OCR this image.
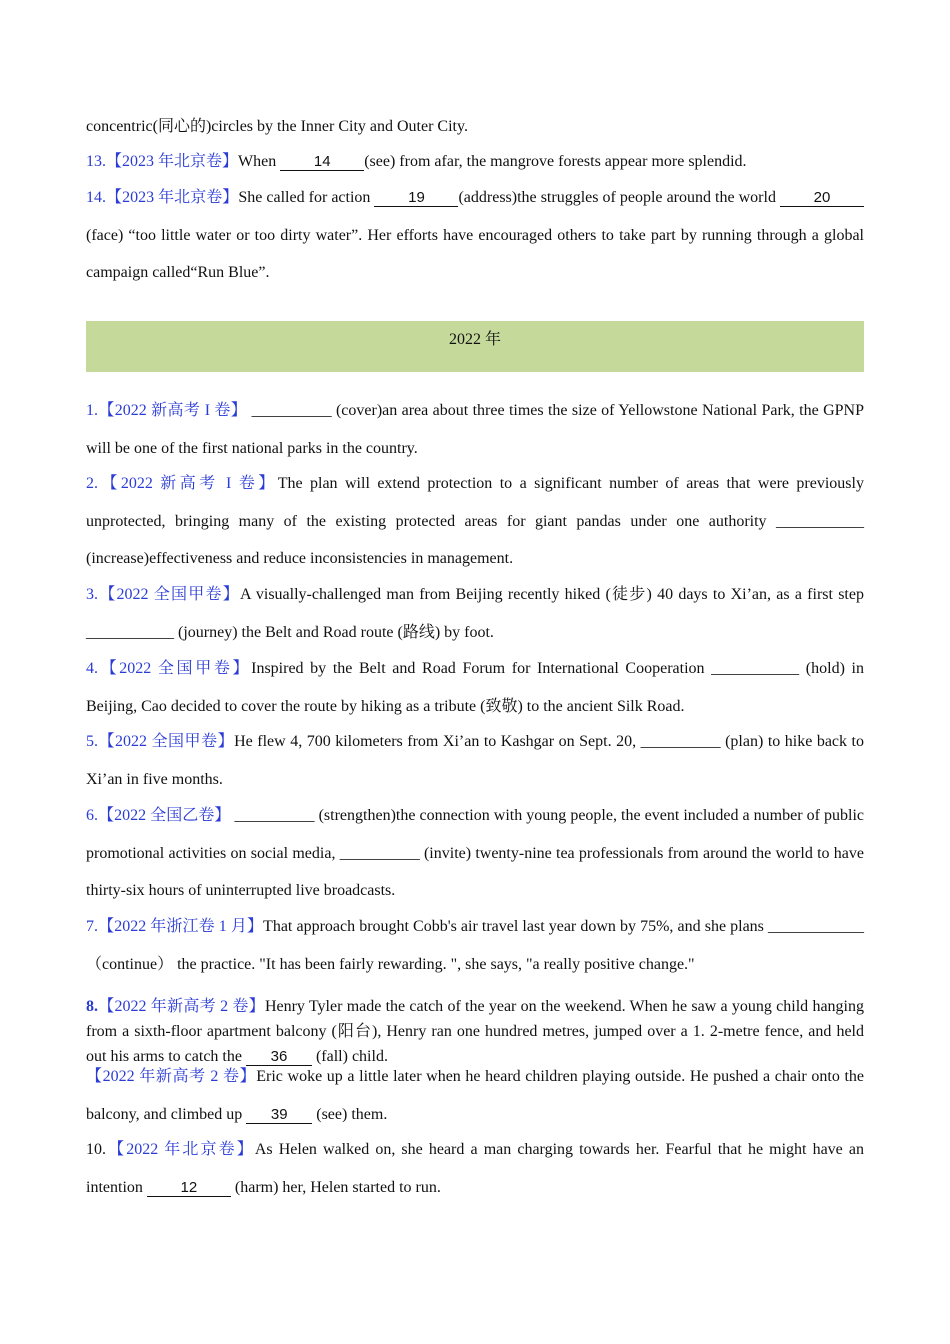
2022 年

concentric(同心的)circles by the Inner City and Outer City.

13.【2023 年北京卷】When 14 (see) from afar, the mangrove forests appear more splendid.

14.【2023 年北京卷】She called for action 19 (address)the struggles of people around the world 20(face) “too little water or too dirty water”. Her efforts have encouraged others to take part by running through a global campaign called“Run Blue”.

1.【2022 新高考 I 卷】 __________ (cover)an area about three times the size of Yellowstone National Park, the GPNP will be one of the first national parks in the country.

2.【2022 新高考 I 卷】The plan will extend protection to a significant number of areas that were previously unprotected, bringing many of the existing protected areas for giant pandas under one authority ___________ (increase)effectiveness and reduce inconsistencies in management.

3.【2022 全国甲卷】A visually-challenged man from Beijing recently hiked (徒步) 40 days to Xi’an, as a first step ___________ (journey) the Belt and Road route (路线) by foot.

4.【2022 全国甲卷】Inspired by the Belt and Road Forum for International Cooperation ___________ (hold) in Beijing, Cao decided to cover the route by hiking as a tribute (致敬) to the ancient Silk Road.

5.【2022 全国甲卷】He flew 4, 700 kilometers from Xi’an to Kashgar on Sept. 20, __________ (plan) to hike back to Xi’an in five months.

6.【2022 全国乙卷】 __________ (strengthen)the connection with young people, the event included a number of public promotional activities on social media, __________ (invite) twenty-nine tea professionals from around the world to have thirty-six hours of uninterrupted live broadcasts.

7.【2022 年浙江卷 1 月】That approach brought Cobb's air travel last year down by 75%, and she plans ____________（continue） the practice. "It has been fairly rewarding. ", she says, "a really positive change."

8.【2022 年新高考 2 卷】Henry Tyler made the catch of the year on the weekend. When he saw a young child hanging from a sixth-floor apartment balcony (阳台), Henry ran one hundred metres, jumped over a 1. 2-metre fence, and held out his arms to catch the 36 (fall) child.

【2022 年新高考 2 卷】Eric woke up a little later when he heard children playing outside. He pushed a chair onto the balcony, and climbed up 39 (see) them.

10.【2022 年北京卷】As Helen walked on, she heard a man charging towards her. Fearful that he might have an intention 12 (harm) her, Helen started to run.
